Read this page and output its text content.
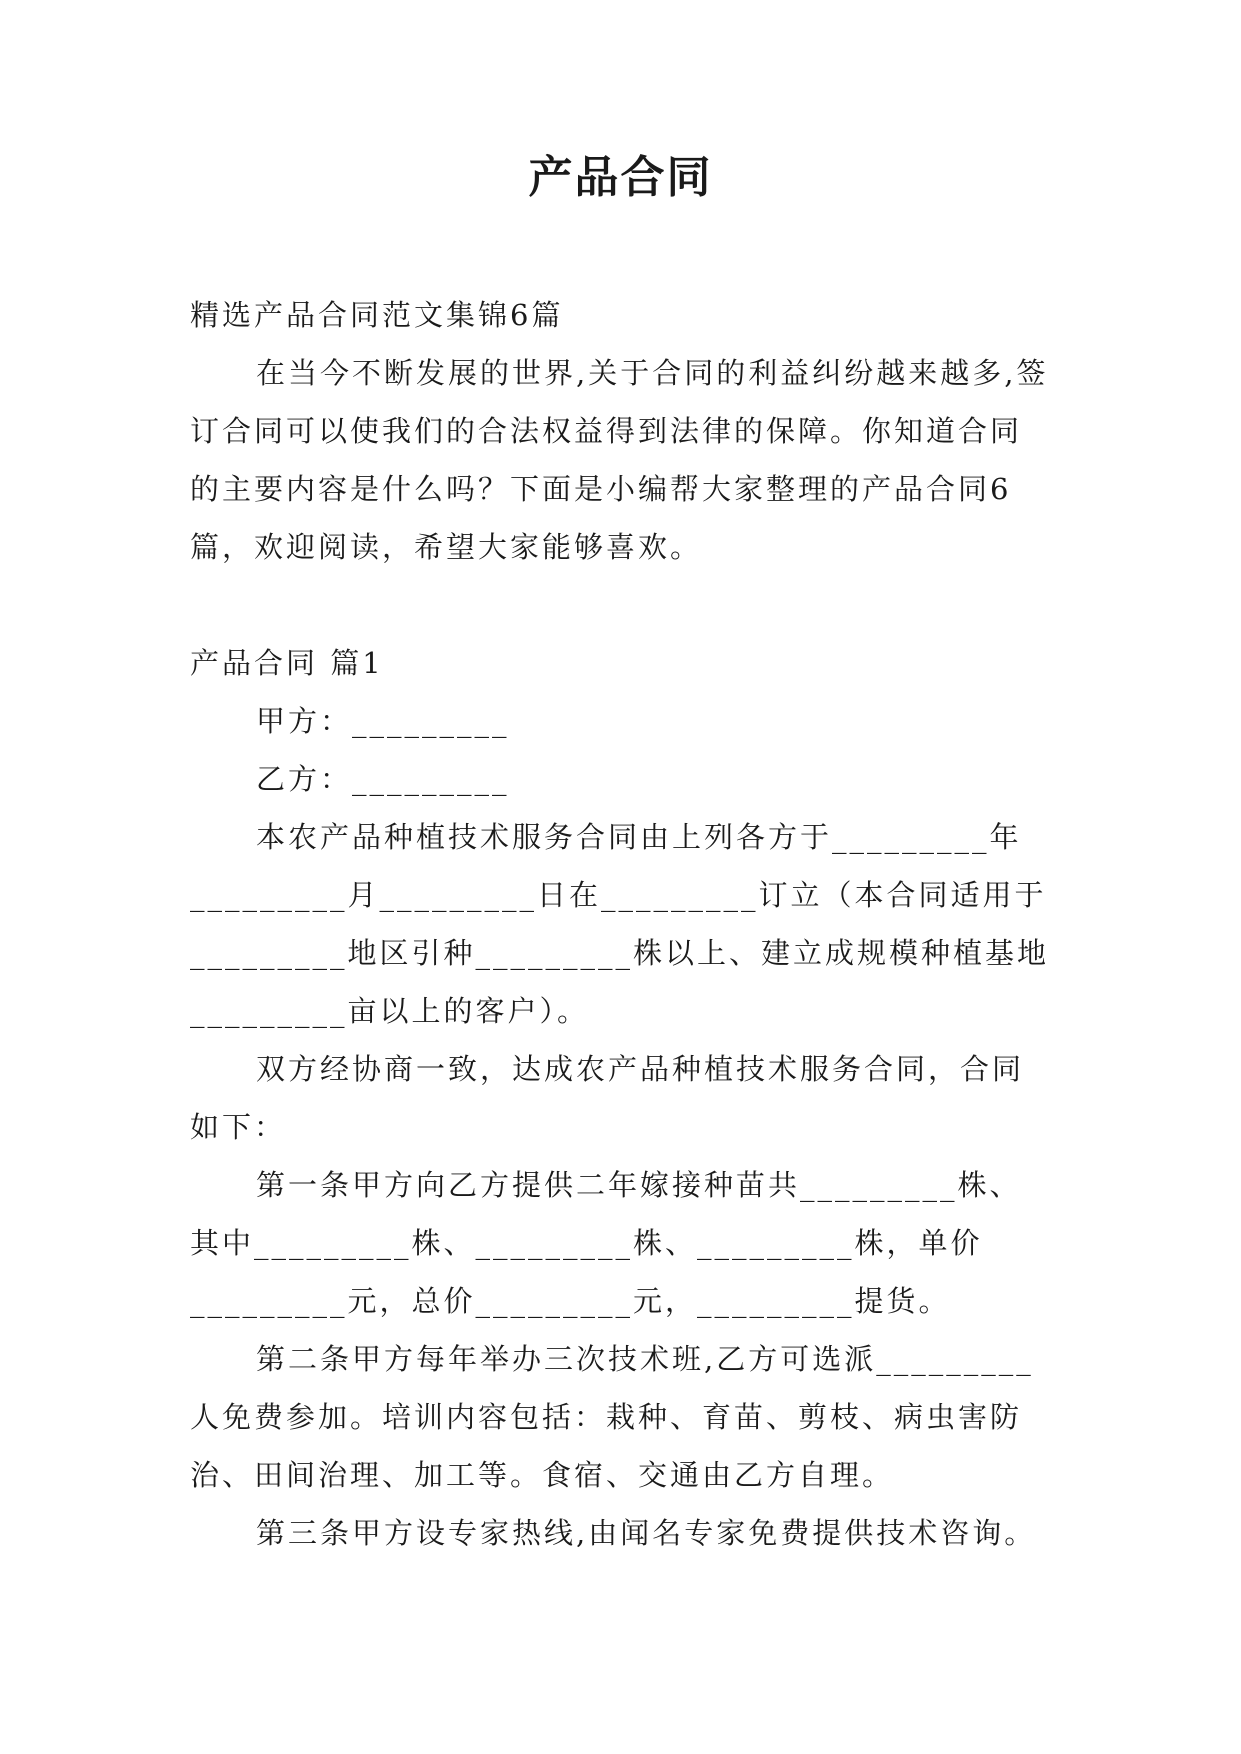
产品合同

精选产品合同范文集锦6篇

在当今不断发展的世界,关于合同的利益纠纷越来越多,签订合同可以使我们的合法权益得到法律的保障。你知道合同的主要内容是什么吗？下面是小编帮大家整理的产品合同6篇，欢迎阅读，希望大家能够喜欢。

产品合同 篇1

甲方：_________

乙方：_________

本农产品种植技术服务合同由上列各方于_________年_________月_________日在_________订立（本合同适用于_________地区引种_________株以上、建立成规模种植基地_________亩以上的客户）。

双方经协商一致，达成农产品种植技术服务合同，合同如下：

第一条甲方向乙方提供二年嫁接种苗共_________株、其中_________株、_________株、_________株，单价_________元，总价_________元，_________提货。

第二条甲方每年举办三次技术班,乙方可选派_________人免费参加。培训内容包括：栽种、育苗、剪枝、病虫害防治、田间治理、加工等。食宿、交通由乙方自理。

第三条甲方设专家热线,由闻名专家免费提供技术咨询。
